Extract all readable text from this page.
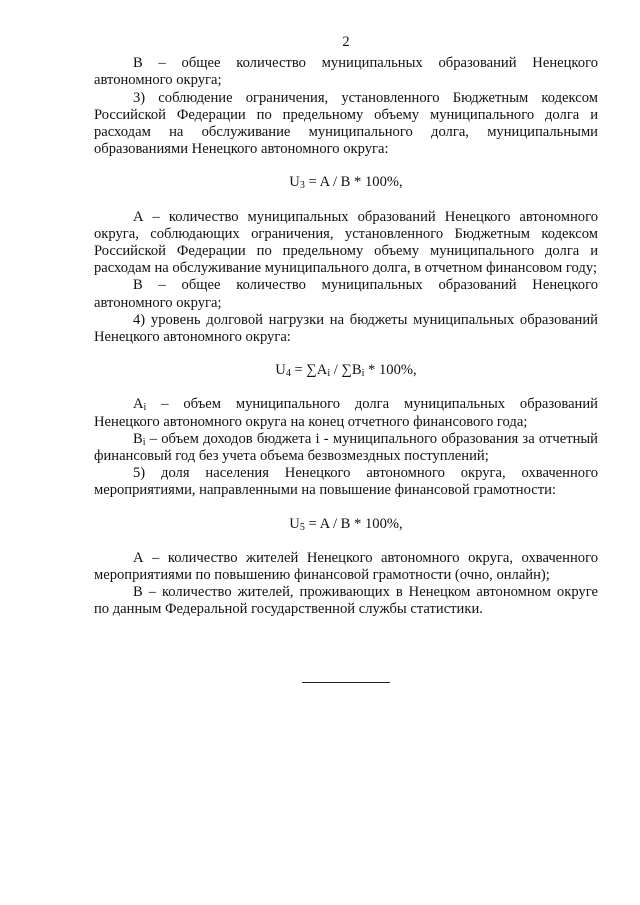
2

В – общее количество муниципальных образований Ненецкого автономного округа;

3) соблюдение ограничения, установленного Бюджетным кодексом Российской Федерации по предельному объему муниципального долга и расходам на обслуживание муниципального долга, муниципальными образованиями Ненецкого автономного округа:

$U_3 = A / B * 100\%$,

А – количество муниципальных образований Ненецкого автономного округа, соблюдающих ограничения, установленного Бюджетным кодексом Российской Федерации по предельному объему муниципального долга и расходам на обслуживание муниципального долга, в отчетном финансовом году;

В – общее количество муниципальных образований Ненецкого автономного округа;

4) уровень долговой нагрузки на бюджеты муниципальных образований Ненецкого автономного округа:

$U_4 = \sum A_i / \sum B_i * 100\%$,

$A_i$ – объем муниципального долга муниципальных образований Ненецкого автономного округа на конец отчетного финансового года;

$B_i$ – объем доходов бюджета i - муниципального образования за отчетный финансовый год без учета объема безвозмездных поступлений;

5) доля населения Ненецкого автономного округа, охваченного мероприятиями, направленными на повышение финансовой грамотности:

$U_5 = A / B * 100\%$,

А – количество жителей Ненецкого автономного округа, охваченного мероприятиями по повышению финансовой грамотности (очно, онлайн);

В – количество жителей, проживающих в Ненецком автономном округе по данным Федеральной государственной службы статистики.
